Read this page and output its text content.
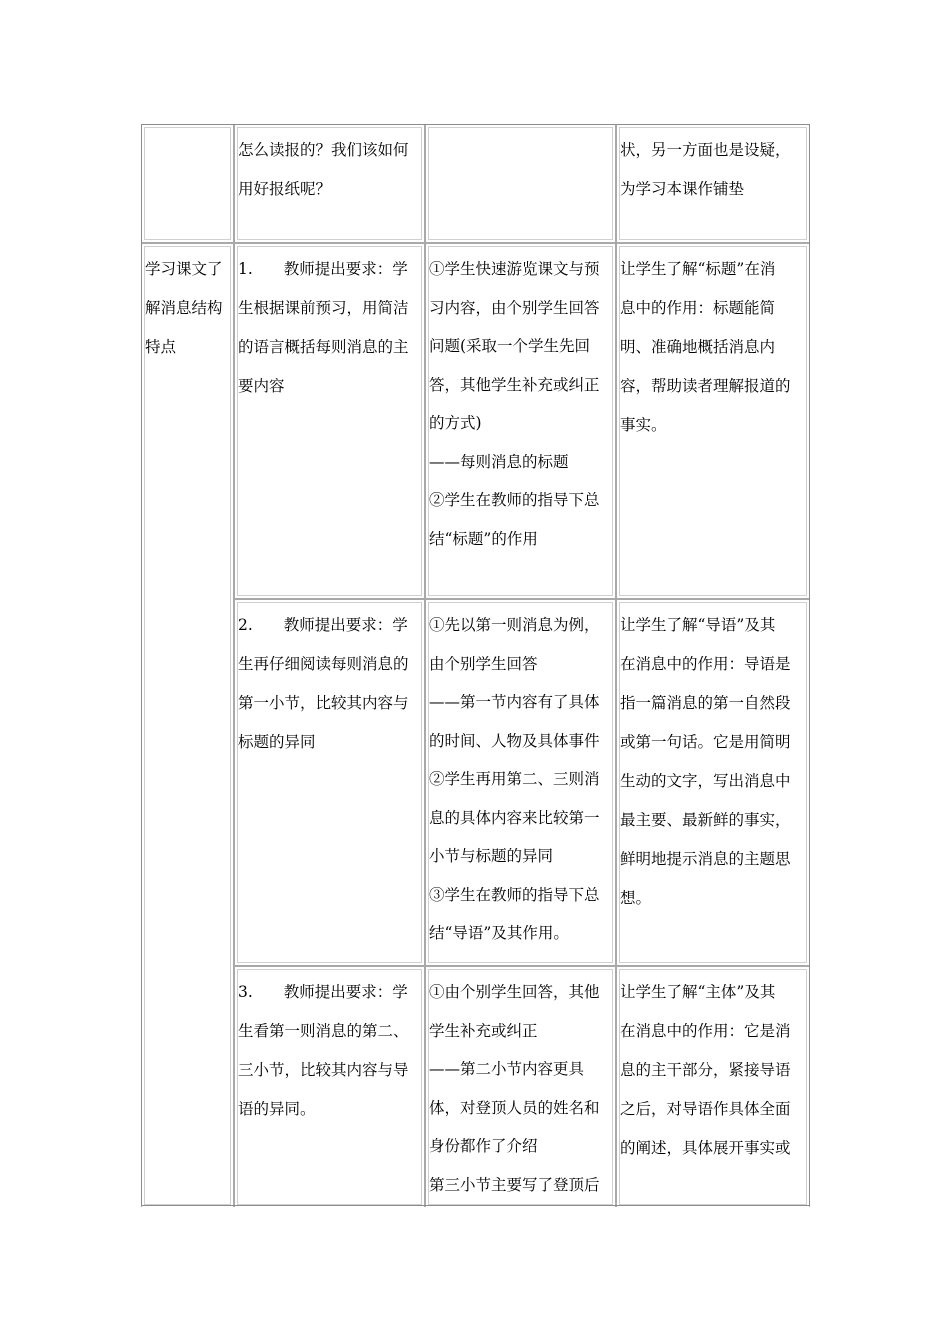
怎么读报的？我们该如何
用好报纸呢？
状，另一方面也是设疑，
为学习本课作铺垫
学习课文了
解消息结构
特点
1.　　教师提出要求：学
生根据课前预习，用简洁
的语言概括每则消息的主
要内容
①学生快速游览课文与预
习内容，由个别学生回答
问题(采取一个学生先回
答，其他学生补充或纠正
的方式)
——每则消息的标题
②学生在教师的指导下总
结“标题”的作用
让学生了解“标题”在消
息中的作用：标题能简
明、准确地概括消息内
容，帮助读者理解报道的
事实。
2.　　教师提出要求：学
生再仔细阅读每则消息的
第一小节，比较其内容与
标题的异同
①先以第一则消息为例，
由个别学生回答
——第一节内容有了具体
的时间、人物及具体事件
②学生再用第二、三则消
息的具体内容来比较第一
小节与标题的异同
③学生在教师的指导下总
结“导语”及其作用。
让学生了解“导语”及其
在消息中的作用：导语是
指一篇消息的第一自然段
或第一句话。它是用简明
生动的文字，写出消息中
最主要、最新鲜的事实，
鲜明地提示消息的主题思
想。
3.　　教师提出要求：学
生看第一则消息的第二、
三小节，比较其内容与导
语的异同。
①由个别学生回答，其他
学生补充或纠正
——第二小节内容更具
体，对登顶人员的姓名和
身份都作了介绍
第三小节主要写了登顶后
让学生了解“主体”及其
在消息中的作用：它是消
息的主干部分，紧接导语
之后，对导语作具体全面
的阐述，具体展开事实或
